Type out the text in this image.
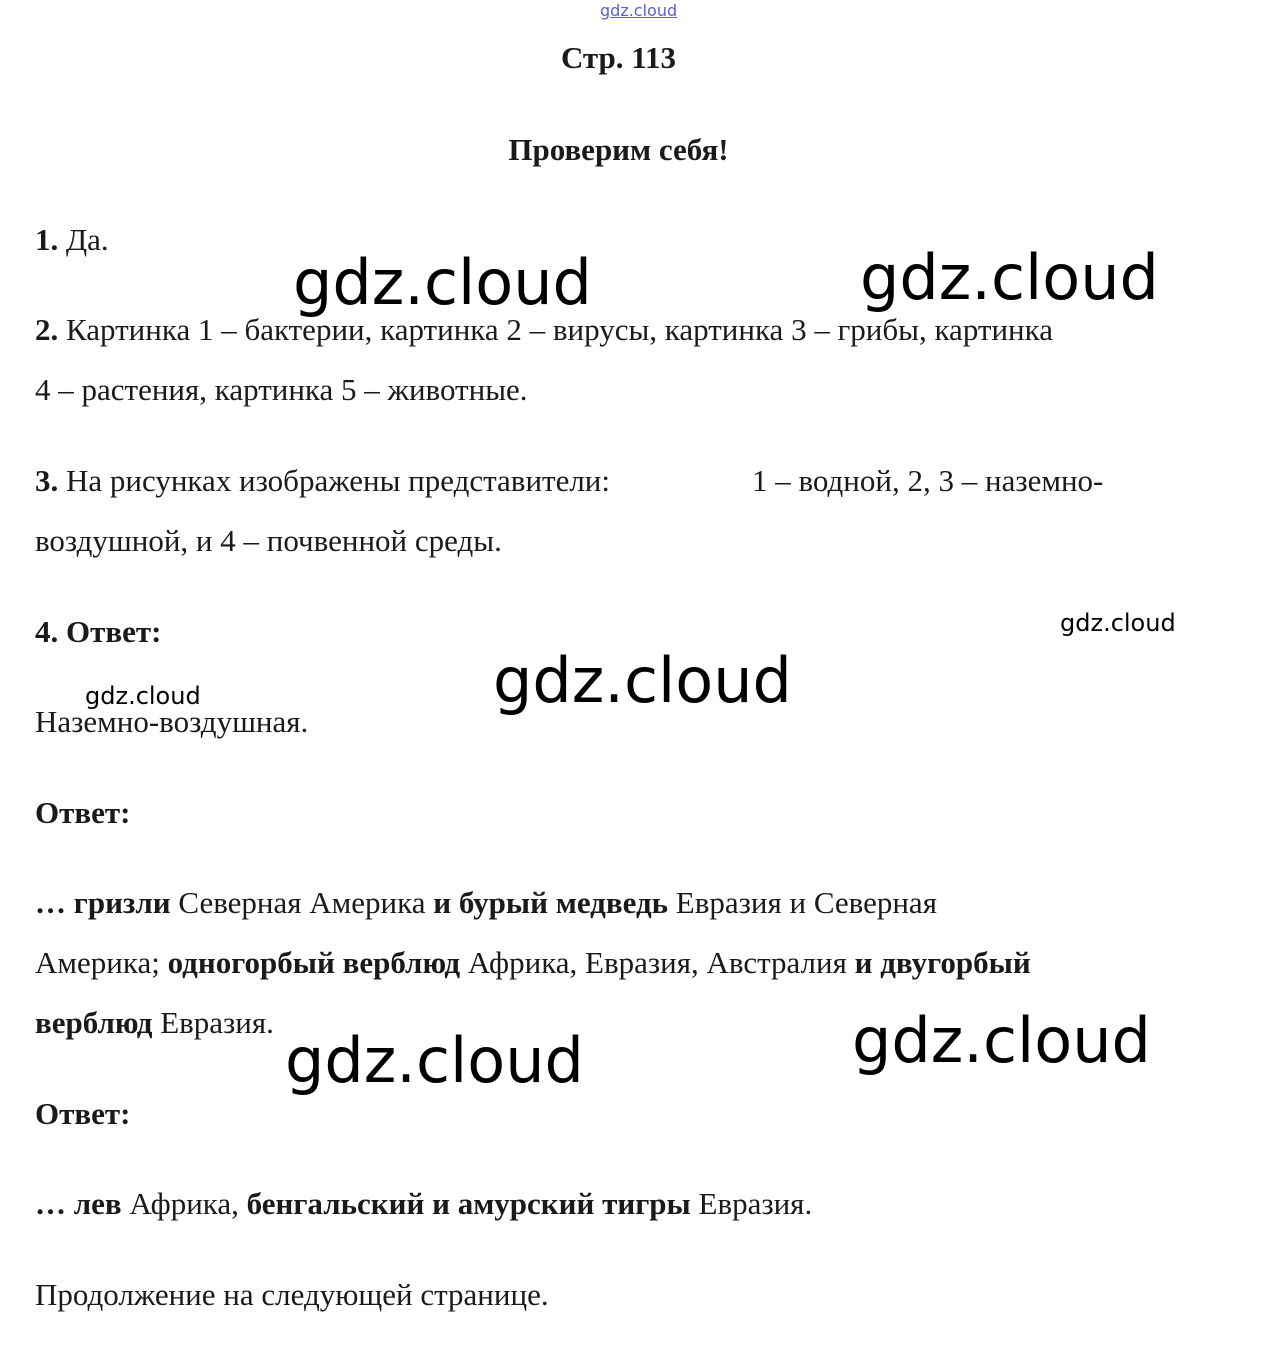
gdz.cloud

Стр. 113

Проверим себя!

1. Да.

2. Картинка 1 – бактерии, картинка 2 – вирусы, картинка 3 – грибы, картинка

4 – растения, картинка 5 – животные.

3. На рисунках изображены представители:	1 – водной, 2, 3 – наземно-

воздушной, и 4 – почвенной среды.

4. Ответ:

Наземно-воздушная.

Ответ:

… гризли Северная Америка и бурый медведь Евразия и Северная

Америка; одногорбый верблюд Африка, Евразия, Австралия и двугорбый

верблюд Евразия.

Ответ:

… лев Африка, бенгальский и амурский тигры Евразия.

Продолжение на следующей странице.

gdz.cloud	gdz.cloud
gdz.cloud
gdz.cloud
gdz.cloud
gdz.cloud	gdz.cloud
